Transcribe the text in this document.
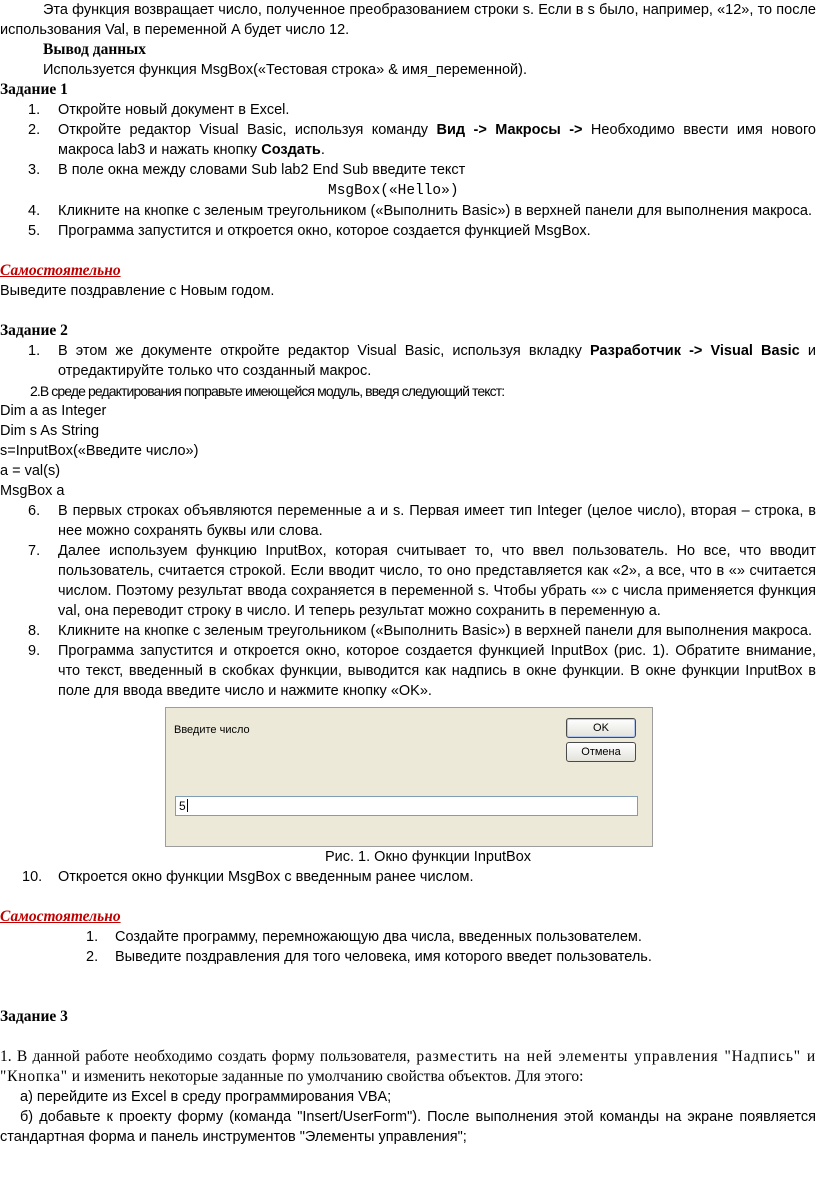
Эта функция возвращает число, полученное преобразованием строки s. Если в s было, например, «12», то после использования Val, в переменной A будет число 12.
Вывод данных
Используется функция MsgBox(«Тестовая строка» & имя_переменной).
Задание 1
1. Откройте новый документ в Excel.
2. Откройте редактор Visual Basic, используя команду Вид -> Макросы -> Необходимо ввести имя нового макроса lab3 и нажать кнопку Создать.
3. В поле окна между словами Sub lab2 End Sub введите текст
MsgBox(«Hello»)
4. Кликните на кнопке с зеленым треугольником («Выполнить Basic») в верхней панели для выполнения макроса.
5. Программа запустится и откроется окно, которое создается функцией MsgBox.
Самостоятельно
Выведите поздравление с Новым годом.
Задание 2
1. В этом же документе откройте редактор Visual Basic, используя вкладку Разработчик -> Visual Basic и отредактируйте только что созданный макрос.
2.В среде редактирования поправьте имеющейся модуль, введя следующий текст:
Dim a as Integer
Dim s As String
s=InputBox(«Введите число»)
a = val(s)
MsgBox a
6. В первых строках объявляются переменные a и s. Первая имеет тип Integer (целое число), вторая – строка, в нее можно сохранять буквы или слова.
7. Далее используем функцию InputBox, которая считывает то, что ввел пользователь. Но все, что вводит пользователь, считается строкой. Если вводит число, то оно представляется как «2», а все, что в «» считается числом. Поэтому результат ввода сохраняется в переменной s. Чтобы убрать «» с числа применяется функция val, она переводит строку в число. И теперь результат можно сохранить в переменную a.
8. Кликните на кнопке с зеленым треугольником («Выполнить Basic») в верхней панели для выполнения макроса.
9. Программа запустится и откроется окно, которое создается функцией InputBox (рис. 1). Обратите внимание, что текст, введенный в скобках функции, выводится как надпись в окне функции. В окне функции InputBox в поле для ввода введите число и нажмите кнопку «OK».
Введите число	OK
Отмена
5
Рис. 1. Окно функции InputBox
10. Откроется окно функции MsgBox с введенным ранее числом.
Самостоятельно
1. Создайте программу, перемножающую два числа, введенных пользователем.
2. Выведите поздравления для того человека, имя которого введет пользователь.
Задание 3
1. В данной работе необходимо создать форму пользователя, разместить на ней элементы управления "Надпись" и "Кнопка" и изменить некоторые заданные по умолчанию свойства объектов. Для этого:
а) перейдите из Excel в среду программирования VBA;
б) добавьте к проекту форму (команда "Insert/UserForm"). После выполнения этой команды на экране появляется стандартная форма и панель инструментов "Элементы управления";
